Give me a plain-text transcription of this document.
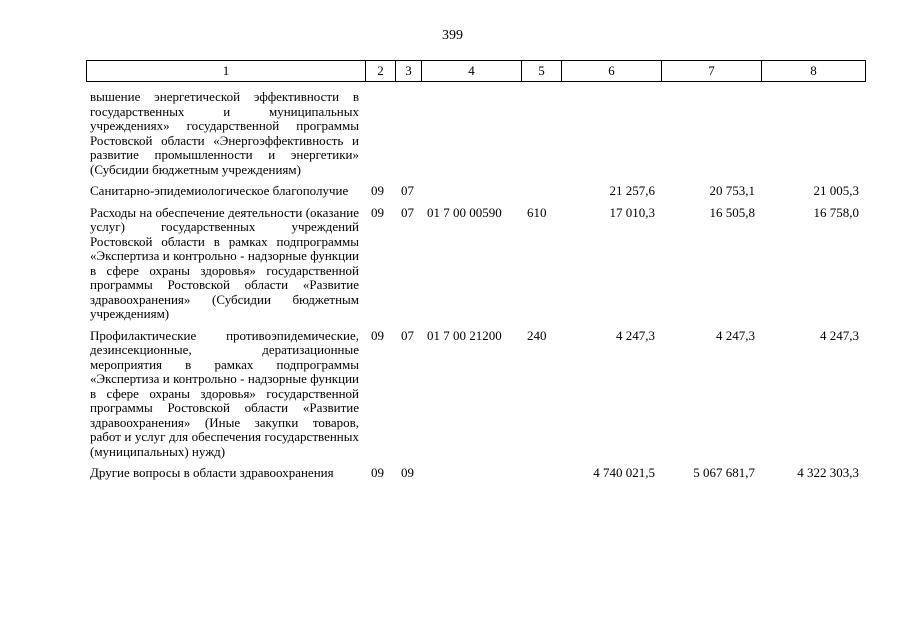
399
1	2	3	4	5	6	7	8
вышение энергетической эффективности в государственных и муниципальных учреждениях» государственной программы Ростовской области «Энергоэффективность и развитие промышленности и энергетики» (Субсидии бюджетным учреждениям)							
Санитарно-эпидемиологическое благополучие	09	07			21 257,6	20 753,1	21 005,3
Расходы на обеспечение деятельности (оказание услуг) государственных учреждений Ростовской области в рамках подпрограммы «Экспертиза и контрольно - надзорные функции в сфере охраны здоровья» государственной программы Ростовской области «Развитие здравоохранения» (Субсидии бюджетным учреждениям)	09	07	01 7 00 00590	610	17 010,3	16 505,8	16 758,0
Профилактические противоэпидемические, дезинсекционные, дератизационные мероприятия в рамках подпрограммы «Экспертиза и контрольно - надзорные функции в сфере охраны здоровья» государственной программы Ростовской области «Развитие здравоохранения» (Иные закупки товаров, работ и услуг для обеспечения государственных (муниципальных) нужд)	09	07	01 7 00 21200	240	4 247,3	4 247,3	4 247,3
Другие вопросы в области здравоохранения	09	09			4 740 021,5	5 067 681,7	4 322 303,3
